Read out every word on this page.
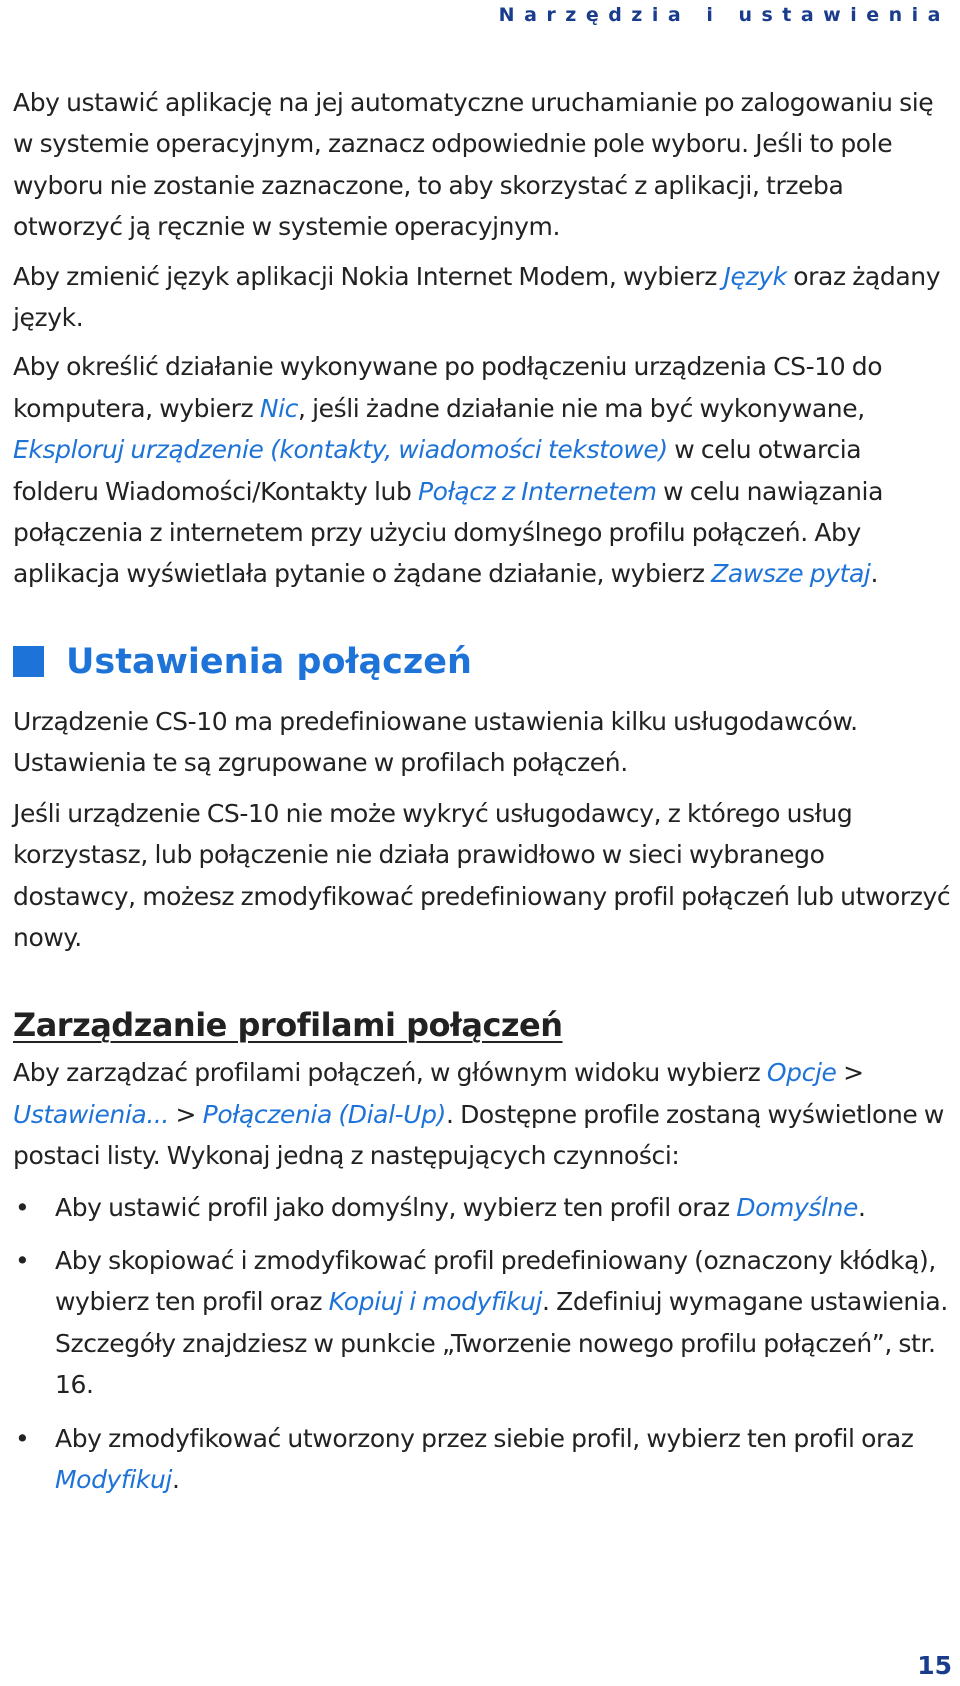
Narzędzia i ustawienia

Aby ustawić aplikację na jej automatyczne uruchamianie po zalogowaniu się w systemie operacyjnym, zaznacz odpowiednie pole wyboru. Jeśli to pole wyboru nie zostanie zaznaczone, to aby skorzystać z aplikacji, trzeba otworzyć ją ręcznie w systemie operacyjnym.

Aby zmienić język aplikacji Nokia Internet Modem, wybierz Język oraz żądany język.

Aby określić działanie wykonywane po podłączeniu urządzenia CS-10 do komputera, wybierz Nic, jeśli żadne działanie nie ma być wykonywane, Eksploruj urządzenie (kontakty, wiadomości tekstowe) w celu otwarcia folderu Wiadomości/Kontakty lub Połącz z Internetem w celu nawiązania połączenia z internetem przy użyciu domyślnego profilu połączeń. Aby aplikacja wyświetlała pytanie o żądane działanie, wybierz Zawsze pytaj.

Ustawienia połączeń

Urządzenie CS-10 ma predefiniowane ustawienia kilku usługodawców. Ustawienia te są zgrupowane w profilach połączeń.

Jeśli urządzenie CS-10 nie może wykryć usługodawcy, z którego usług korzystasz, lub połączenie nie działa prawidłowo w sieci wybranego dostawcy, możesz zmodyfikować predefiniowany profil połączeń lub utworzyć nowy.

Zarządzanie profilami połączeń

Aby zarządzać profilami połączeń, w głównym widoku wybierz Opcje > Ustawienia... > Połączenia (Dial-Up). Dostępne profile zostaną wyświetlone w postaci listy. Wykonaj jedną z następujących czynności:

• Aby ustawić profil jako domyślny, wybierz ten profil oraz Domyślne.
• Aby skopiować i zmodyfikować profil predefiniowany (oznaczony kłódką), wybierz ten profil oraz Kopiuj i modyfikuj. Zdefiniuj wymagane ustawienia. Szczegóły znajdziesz w punkcie „Tworzenie nowego profilu połączeń”, str. 16.
• Aby zmodyfikować utworzony przez siebie profil, wybierz ten profil oraz Modyfikuj.
15
